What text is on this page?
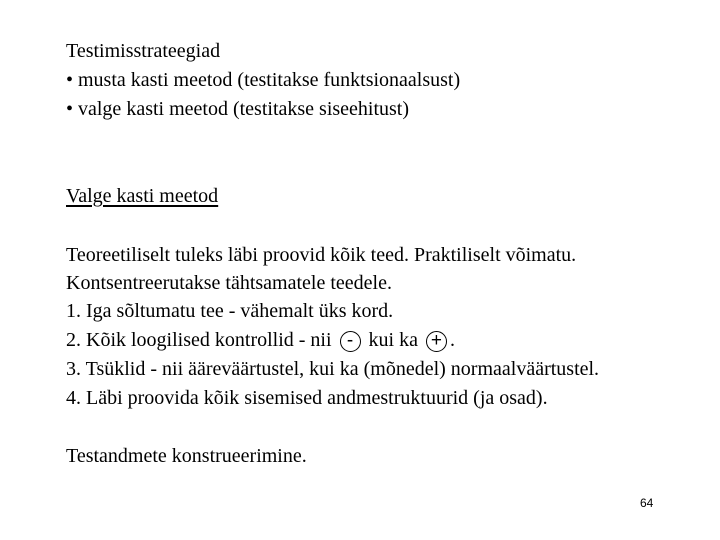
Testimisstrateegiad
• musta kasti meetod (testitakse funktsionaalsust)
• valge kasti meetod (testitakse siseehitust)
Valge kasti meetod
Teoreetiliselt tuleks läbi proovid kõik teed. Praktiliselt võimatu.
Kontsentreerutakse tähtsamatele teedele.
1. Iga sõltumatu tee - vähemalt üks kord.
2. Kõik loogilised kontrollid - nii - kui ka + .
3. Tsüklid - nii ääreväärtustel, kui ka (mõnedel) normaalväärtustel.
4. Läbi proovida kõik sisemised andmestruktuurid (ja osad).
Testandmete konstrueerimine.
64
